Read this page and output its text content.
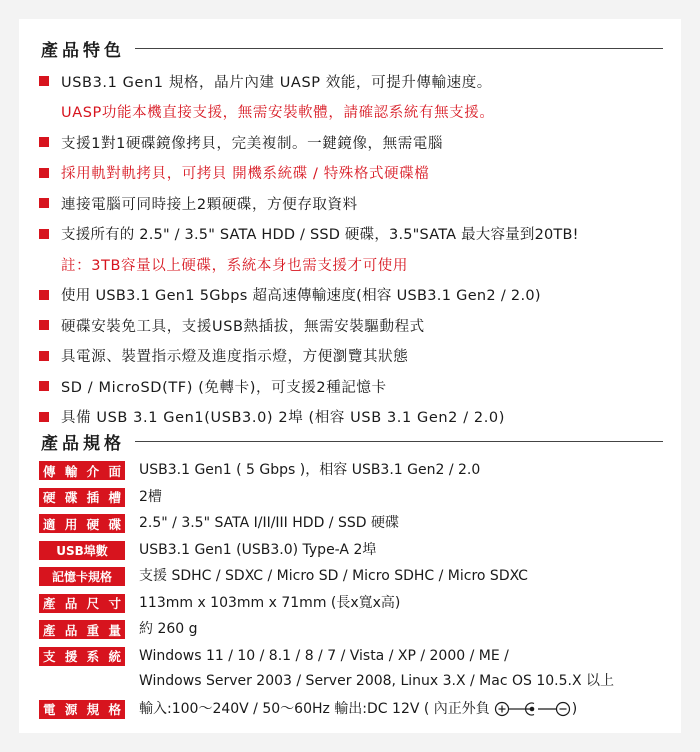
產品特色
USB3.1 Gen1 規格，晶片內建 UASP 效能，可提升傳輸速度。
UASP功能本機直接支援，無需安裝軟體，請確認系統有無支援。
支援1對1硬碟鏡像拷貝，完美複制。一鍵鏡像，無需電腦
採用軌對軌拷貝，可拷貝 開機系統碟 / 特殊格式硬碟檔
連接電腦可同時接上2顆硬碟，方便存取資料
支援所有的 2.5" / 3.5" SATA HDD / SSD 硬碟，3.5"SATA 最大容量到20TB!
註：3TB容量以上硬碟，系統本身也需支援才可使用
使用 USB3.1 Gen1 5Gbps 超高速傳輸速度(相容 USB3.1 Gen2 / 2.0)
硬碟安裝免工具，支援USB熱插拔，無需安裝驅動程式
具電源、裝置指示燈及進度指示燈，方便瀏覽其狀態
SD / MicroSD(TF) (免轉卡)，可支援2種記憶卡
具備 USB 3.1 Gen1(USB3.0) 2埠 (相容 USB 3.1 Gen2 / 2.0)
產品規格
傳 輸 介 面	USB3.1 Gen1 ( 5 Gbps )，相容 USB3.1 Gen2 / 2.0
硬 碟 插 槽	2槽
適 用 硬 碟	2.5" / 3.5" SATA I/II/III HDD / SSD 硬碟
USB埠數	USB3.1 Gen1 (USB3.0) Type-A 2埠
記憶卡規格	支援 SDHC / SDXC / Micro SD / Micro SDHC / Micro SDXC
產 品 尺 寸	113mm x 103mm x 71mm (長x寬x高)
產 品 重 量	約 260 g
支 援 系 統 Windows 11 / 10 / 8.1 / 8 / 7 / Vista / XP / 2000 / ME /
Windows Server 2003 / Server 2008, Linux 3.X / Mac OS 10.5.X 以上
電 源 規 格	輸入:100～240V / 50～60Hz 輸出:DC 12V ( 內正外負	)
